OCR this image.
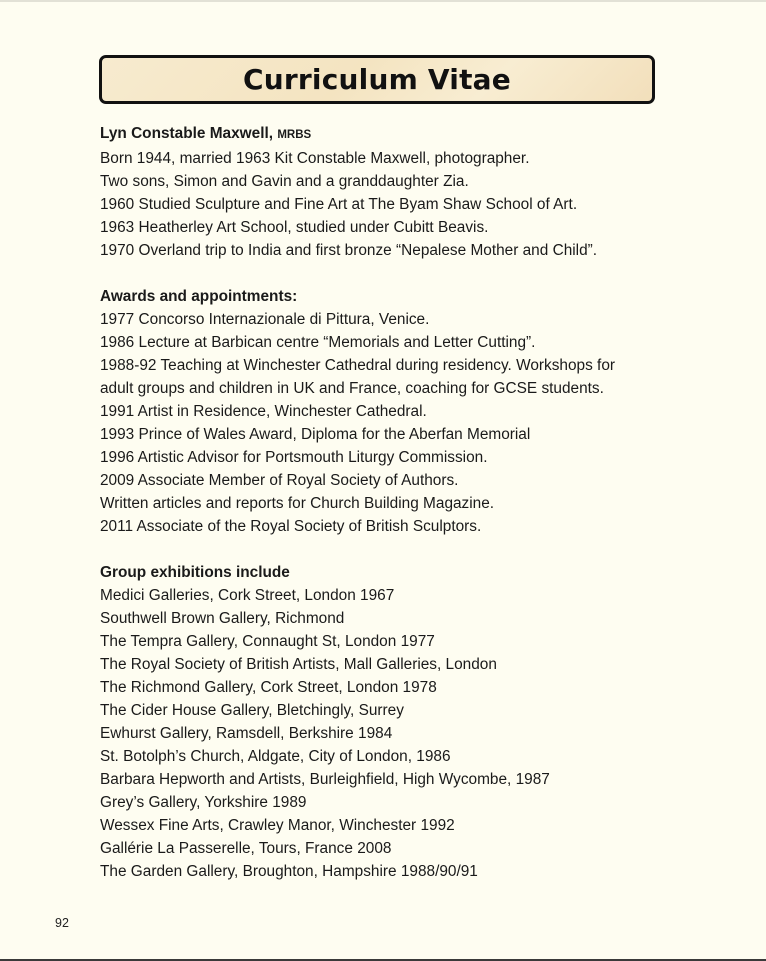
Curriculum Vitae
Lyn Constable Maxwell, MRBS
Born 1944, married 1963 Kit Constable Maxwell, photographer.
Two sons, Simon and Gavin and a granddaughter Zia.
1960 Studied Sculpture and Fine Art at The Byam Shaw School of Art.
1963 Heatherley Art School, studied under Cubitt Beavis.
1970 Overland trip to India and first bronze “Nepalese Mother and Child”.
Awards and appointments:
1977 Concorso Internazionale di Pittura, Venice.
1986 Lecture at Barbican centre “Memorials and Letter Cutting”.
1988-92 Teaching at Winchester Cathedral during residency. Workshops for
adult groups and children in UK and France, coaching for GCSE students.
1991 Artist in Residence, Winchester Cathedral.
1993 Prince of Wales Award, Diploma for the Aberfan Memorial
1996 Artistic Advisor for Portsmouth Liturgy Commission.
2009 Associate Member of Royal Society of Authors.
Written articles and reports for Church Building Magazine.
2011 Associate of the Royal Society of British Sculptors.
Group exhibitions include
Medici Galleries, Cork Street, London 1967
Southwell Brown Gallery, Richmond
The Tempra Gallery, Connaught St, London 1977
The Royal Society of British Artists, Mall Galleries, London
The Richmond Gallery, Cork Street, London 1978
The Cider House Gallery, Bletchingly, Surrey
Ewhurst Gallery, Ramsdell, Berkshire 1984
St. Botolph’s Church, Aldgate, City of London, 1986
Barbara Hepworth and Artists, Burleighfield, High Wycombe, 1987
Grey’s Gallery, Yorkshire 1989
Wessex Fine Arts, Crawley Manor, Winchester 1992
Gallérie La Passerelle, Tours, France 2008
The Garden Gallery, Broughton, Hampshire 1988/90/91
92
